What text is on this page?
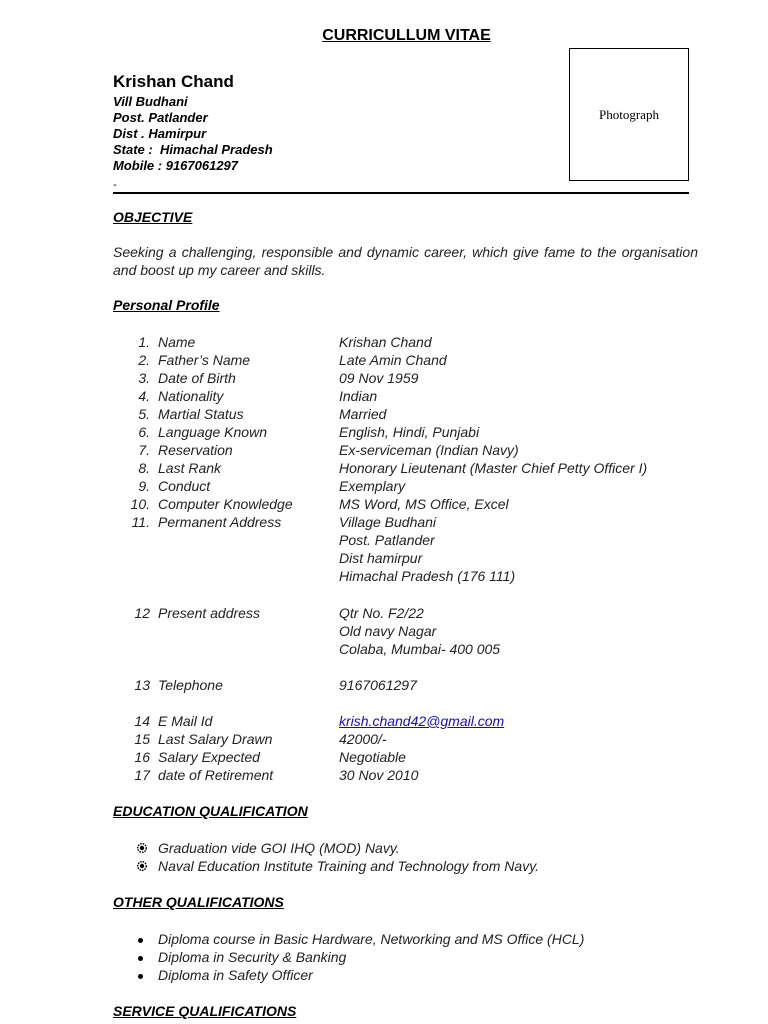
CURRICULLUM VITAE
Krishan Chand
Vill Budhani
Post. Patlander
Dist . Hamirpur
State :  Himachal Pradesh
Mobile : 9167061297
-
Photograph
OBJECTIVE
Seeking a challenging, responsible and dynamic career, which give fame to the organisation and boost up my career and skills.
Personal Profile
1. Name	Krishan Chand
2. Father’s Name	Late Amin Chand
3. Date of Birth	09 Nov 1959
4. Nationality	Indian
5. Martial Status	Married
6. Language Known	English, Hindi, Punjabi
7. Reservation	Ex-serviceman (Indian Navy)
8. Last Rank	Honorary Lieutenant (Master Chief Petty Officer I)
9. Conduct	Exemplary
10. Computer Knowledge	MS Word, MS Office, Excel
11. Permanent Address	Village Budhani
Post. Patlander
Dist hamirpur
Himachal Pradesh (176 111)
12 Present address	Qtr No. F2/22
Old navy Nagar
Colaba, Mumbai- 400 005
13 Telephone	9167061297
14 E Mail Id	krish.chand42@gmail.com
15 Last Salary Drawn	42000/-
16 Salary Expected	Negotiable
17 date of Retirement	30 Nov 2010
EDUCATION QUALIFICATION
Graduation vide GOI IHQ (MOD) Navy.
Naval Education Institute Training and Technology from Navy.
OTHER QUALIFICATIONS
Diploma course in Basic Hardware, Networking and MS Office (HCL)
Diploma in Security & Banking
Diploma in Safety Officer
SERVICE QUALIFICATIONS
